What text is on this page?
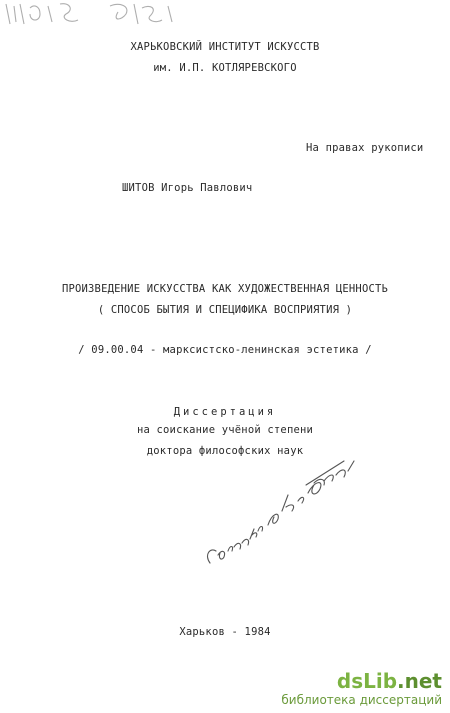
ХАРЬКОВСКИЙ ИНСТИТУТ ИСКУССТВ
им. И.П. КОТЛЯРЕВСКОГО
На правах рукописи
ШИТОВ Игорь Павлович
ПРОИЗВЕДЕНИЕ ИСКУССТВА КАК ХУДОЖЕСТВЕННАЯ ЦЕННОСТЬ
( СПОСОБ БЫТИЯ И СПЕЦИФИКА ВОСПРИЯТИЯ )
/ 09.00.04 - марксистско-ленинская эстетика /
Диссертация
на соискание учёной степени
доктора философских наук
Харьков - 1984
dsLib.net
библиотека диссертаций
